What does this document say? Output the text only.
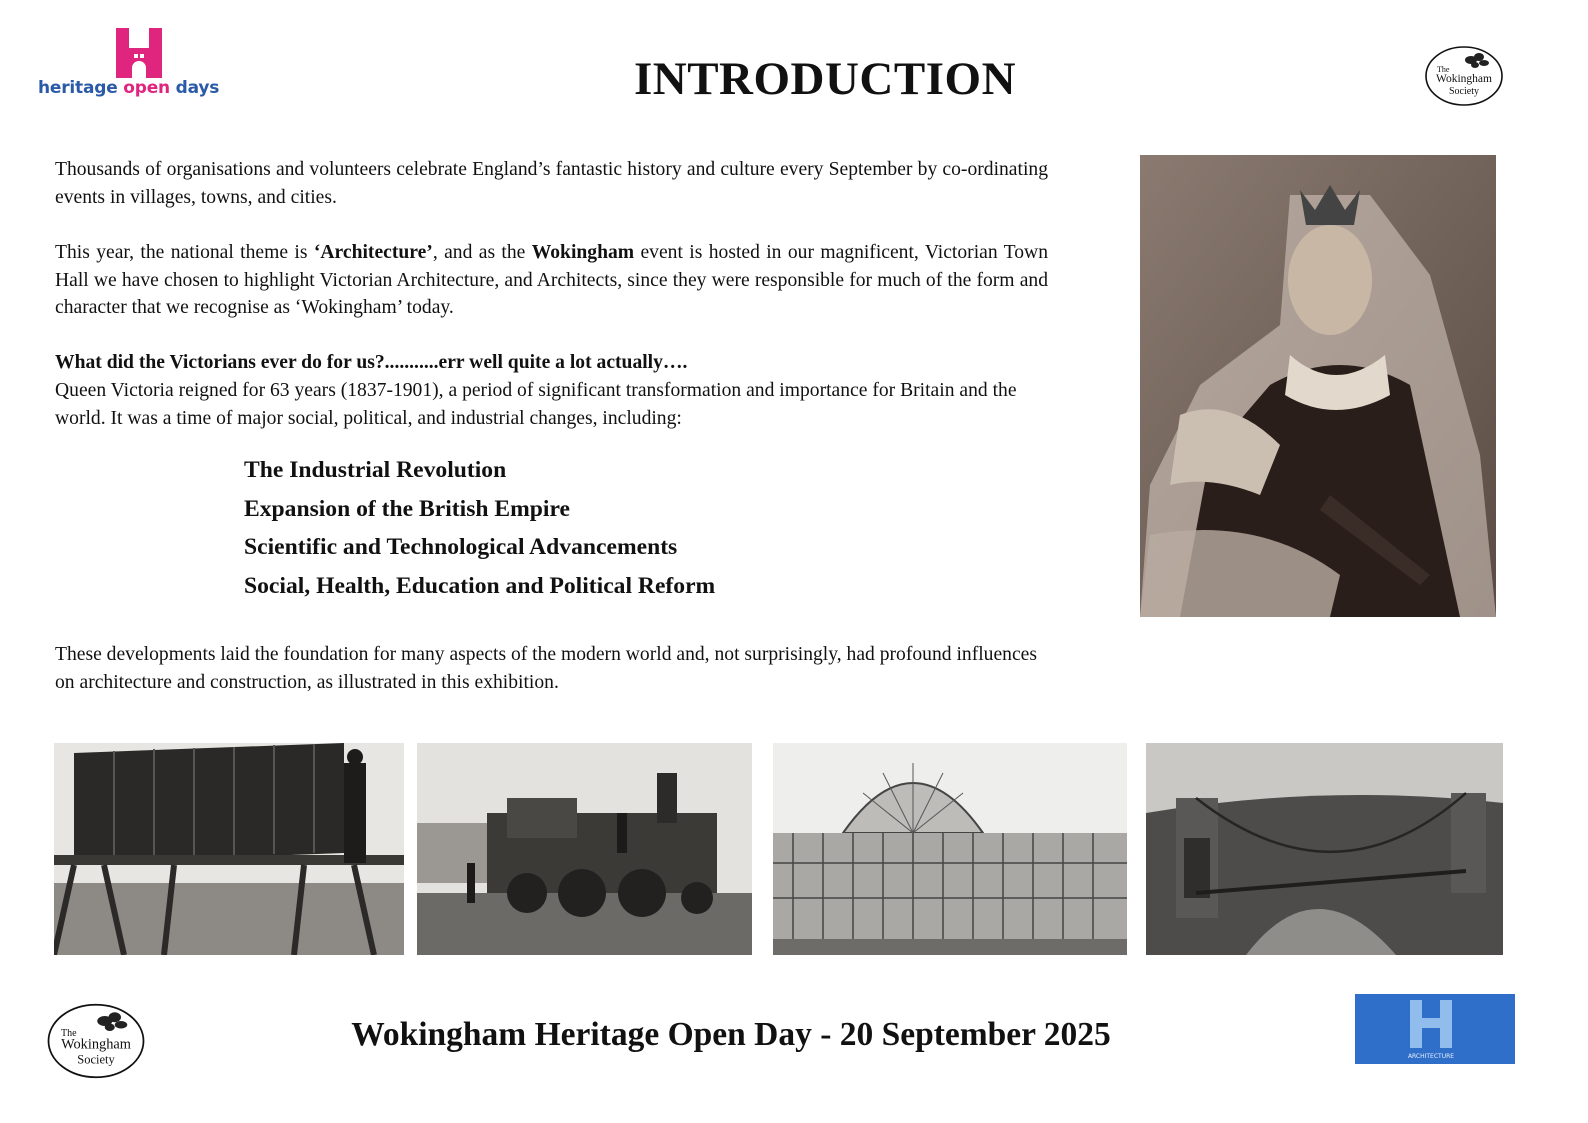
heritage open days	INTRODUCTION	The
Wokingham
Society
Thousands of organisations and volunteers celebrate England’s fantastic history and culture every September by co-ordinating events in villages, towns, and cities.
This year, the national theme is ‘Architecture’, and as the Wokingham event is hosted in our magnificent, Victorian Town Hall we have chosen to highlight Victorian Architecture, and Architects, since they were responsible for much of the form and character that we recognise as ‘Wokingham’ today.
What did the Victorians ever do for us?...........err well quite a lot actually….
Queen Victoria reigned for 63 years (1837-1901), a period of significant transformation and importance for Britain and the world. It was a time of major social, political, and industrial changes, including:
The Industrial Revolution
Expansion of the British Empire
Scientific and Technological Advancements
Social, Health, Education and Political Reform
These developments laid the foundation for many aspects of the modern world and, not surprisingly, had profound influences on architecture and construction, as illustrated in this exhibition.
The
Wokingham
Society
Wokingham Heritage Open Day - 20 September 2025
ARCHITECTURE
